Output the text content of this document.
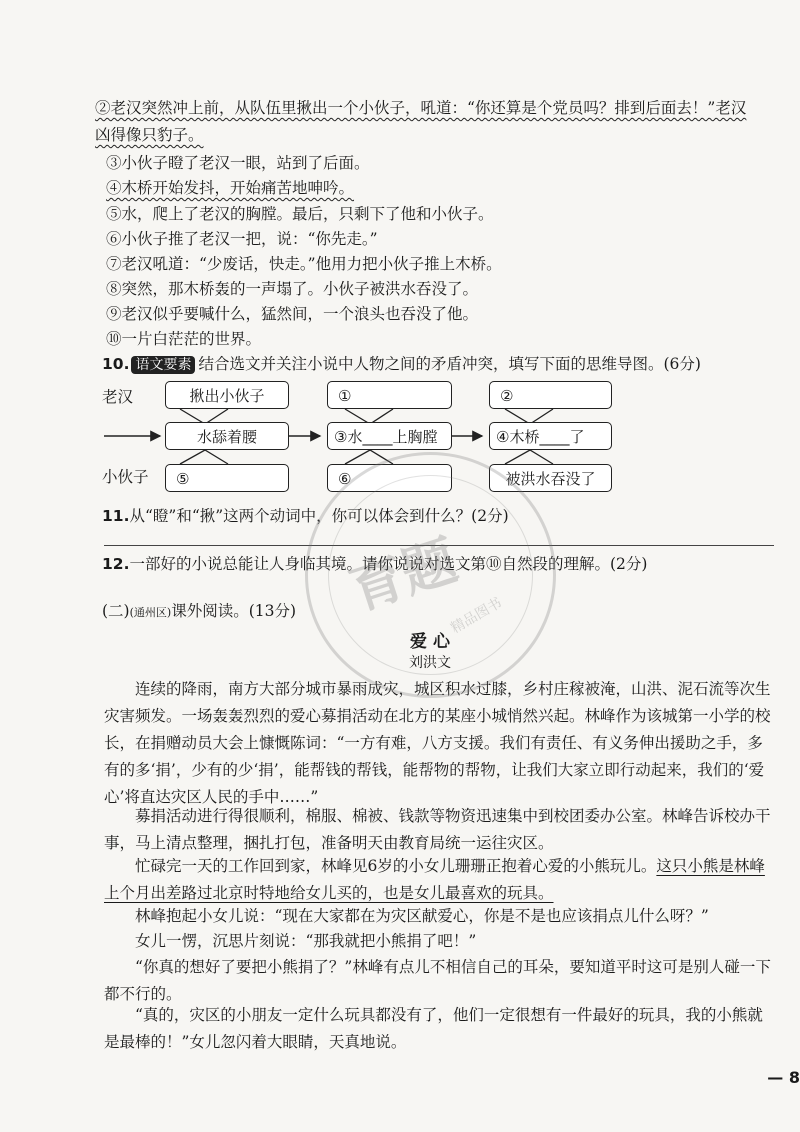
②老汉突然冲上前，从队伍里揪出一个小伙子，吼道：“你还算是个党员吗？排到后面去！”老汉
凶得像只豹子。
③小伙子瞪了老汉一眼，站到了后面。
④木桥开始发抖，开始痛苦地呻吟。
⑤水，爬上了老汉的胸膛。最后，只剩下了他和小伙子。
⑥小伙子推了老汉一把，说：“你先走。”
⑦老汉吼道：“少废话，快走。”他用力把小伙子推上木桥。
⑧突然，那木桥轰的一声塌了。小伙子被洪水吞没了。
⑨老汉似乎要喊什么，猛然间，一个浪头也吞没了他。
⑩一片白茫茫的世界。
10. 语文要素 结合选文并关注小说中人物之间的矛盾冲突，填写下面的思维导图。(6分)
老汉
小伙子
揪出小伙子	①	②
水舔着腰	③水____上胸膛	④木桥____了
⑤	⑥	被洪水吞没了
11.从“瞪”和“揪”这两个动词中，你可以体会到什么？(2分)
12.一部好的小说总能让人身临其境。请你说说对选文第⑩自然段的理解。(2分)
(二)(通州区)课外阅读。(13分)
爱 心
刘洪文

连续的降雨，南方大部分城市暴雨成灾，城区积水过膝，乡村庄稼被淹，山洪、泥石流等次生灾害频发。一场轰轰烈烈的爱心募捐活动在北方的某座小城悄然兴起。林峰作为该城第一小学的校长，在捐赠动员大会上慷慨陈词：“一方有难，八方支援。我们有责任、有义务伸出援助之手，多有的多‘捐’，少有的少‘捐’，能帮钱的帮钱，能帮物的帮物，让我们大家立即行动起来，我们的‘爱心’将直达灾区人民的手中……”

募捐活动进行得很顺利，棉服、棉被、钱款等物资迅速集中到校团委办公室。林峰告诉校办干事，马上清点整理，捆扎打包，准备明天由教育局统一运往灾区。

忙碌完一天的工作回到家，林峰见6岁的小女儿珊珊正抱着心爱的小熊玩儿。这只小熊是林峰上个月出差路过北京时特地给女儿买的，也是女儿最喜欢的玩具。

林峰抱起小女儿说：“现在大家都在为灾区献爱心，你是不是也应该捐点儿什么呀？”

女儿一愣，沉思片刻说：“那我就把小熊捐了吧！”

“你真的想好了要把小熊捐了？”林峰有点儿不相信自己的耳朵，要知道平时这可是别人碰一下都不行的。

“真的，灾区的小朋友一定什么玩具都没有了，他们一定很想有一件最好的玩具，我的小熊就是最棒的！”女儿忽闪着大眼睛，天真地说。

— 8
育题
精品图书
